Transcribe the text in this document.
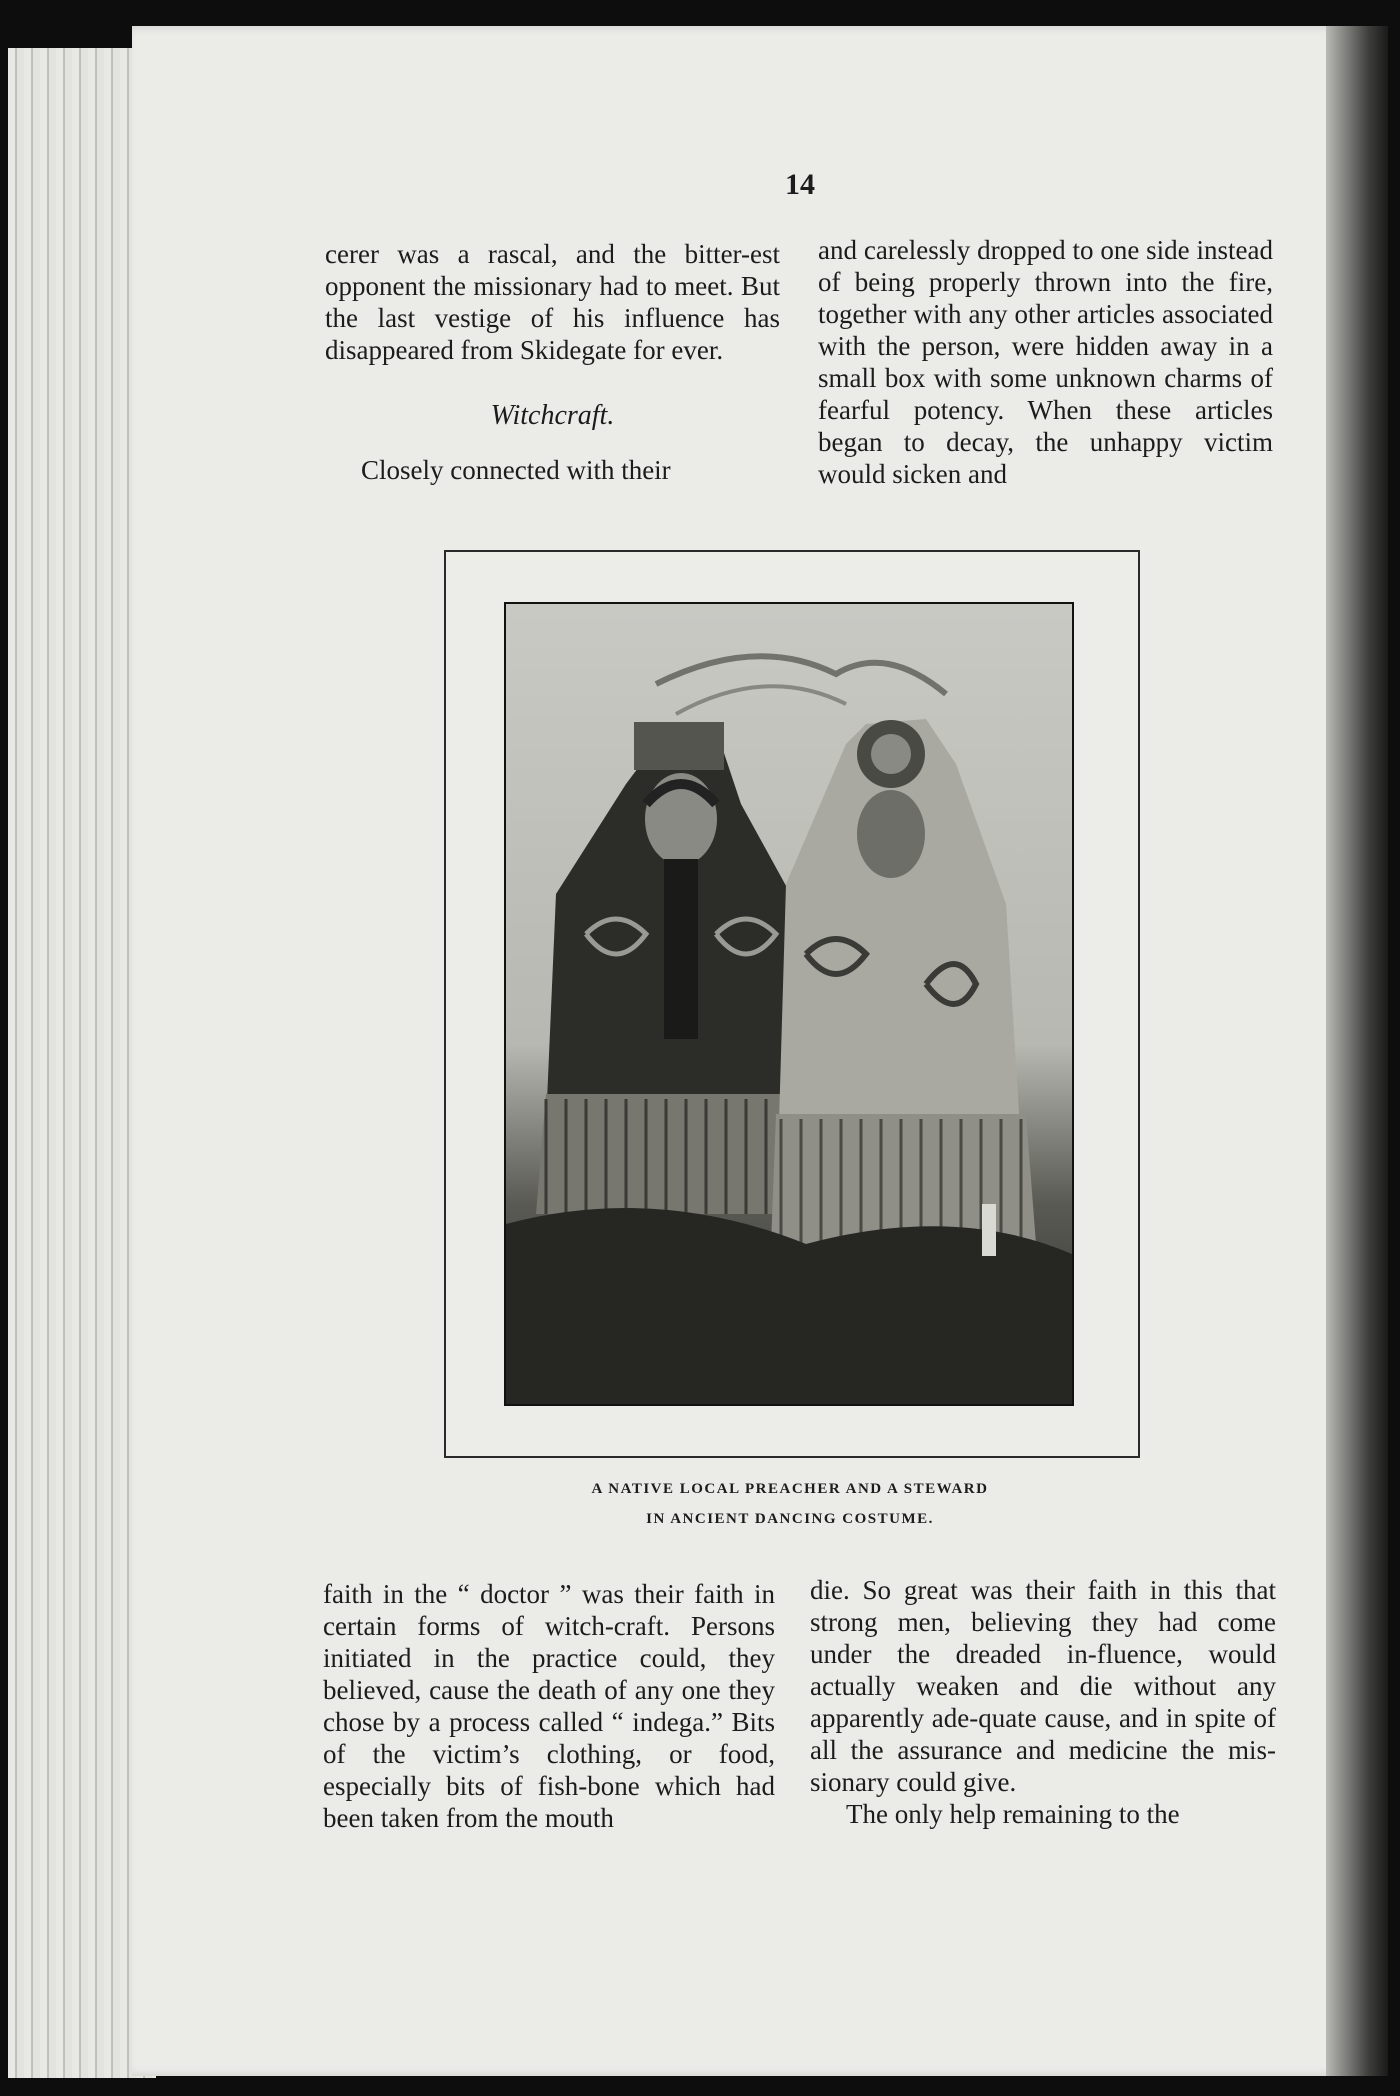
14

cerer was a rascal, and the bitter-est opponent the missionary had to meet. But the last vestige of his influence has disappeared from Skidegate for ever.

Witchcraft.

Closely connected with their

and carelessly dropped to one side instead of being properly thrown into the fire, together with any other articles associated with the person, were hidden away in a small box with some unknown charms of fearful potency. When these articles began to decay, the unhappy victim would sicken and

A NATIVE LOCAL PREACHER AND A STEWARD
IN ANCIENT DANCING COSTUME.

faith in the “ doctor ” was their faith in certain forms of witch-craft. Persons initiated in the practice could, they believed, cause the death of any one they chose by a process called “ indega.” Bits of the victim’s clothing, or food, especially bits of fish-bone which had been taken from the mouth

die. So great was their faith in this that strong men, believing they had come under the dreaded in-fluence, would actually weaken and die without any apparently ade-quate cause, and in spite of all the assurance and medicine the mis-sionary could give.

The only help remaining to the
